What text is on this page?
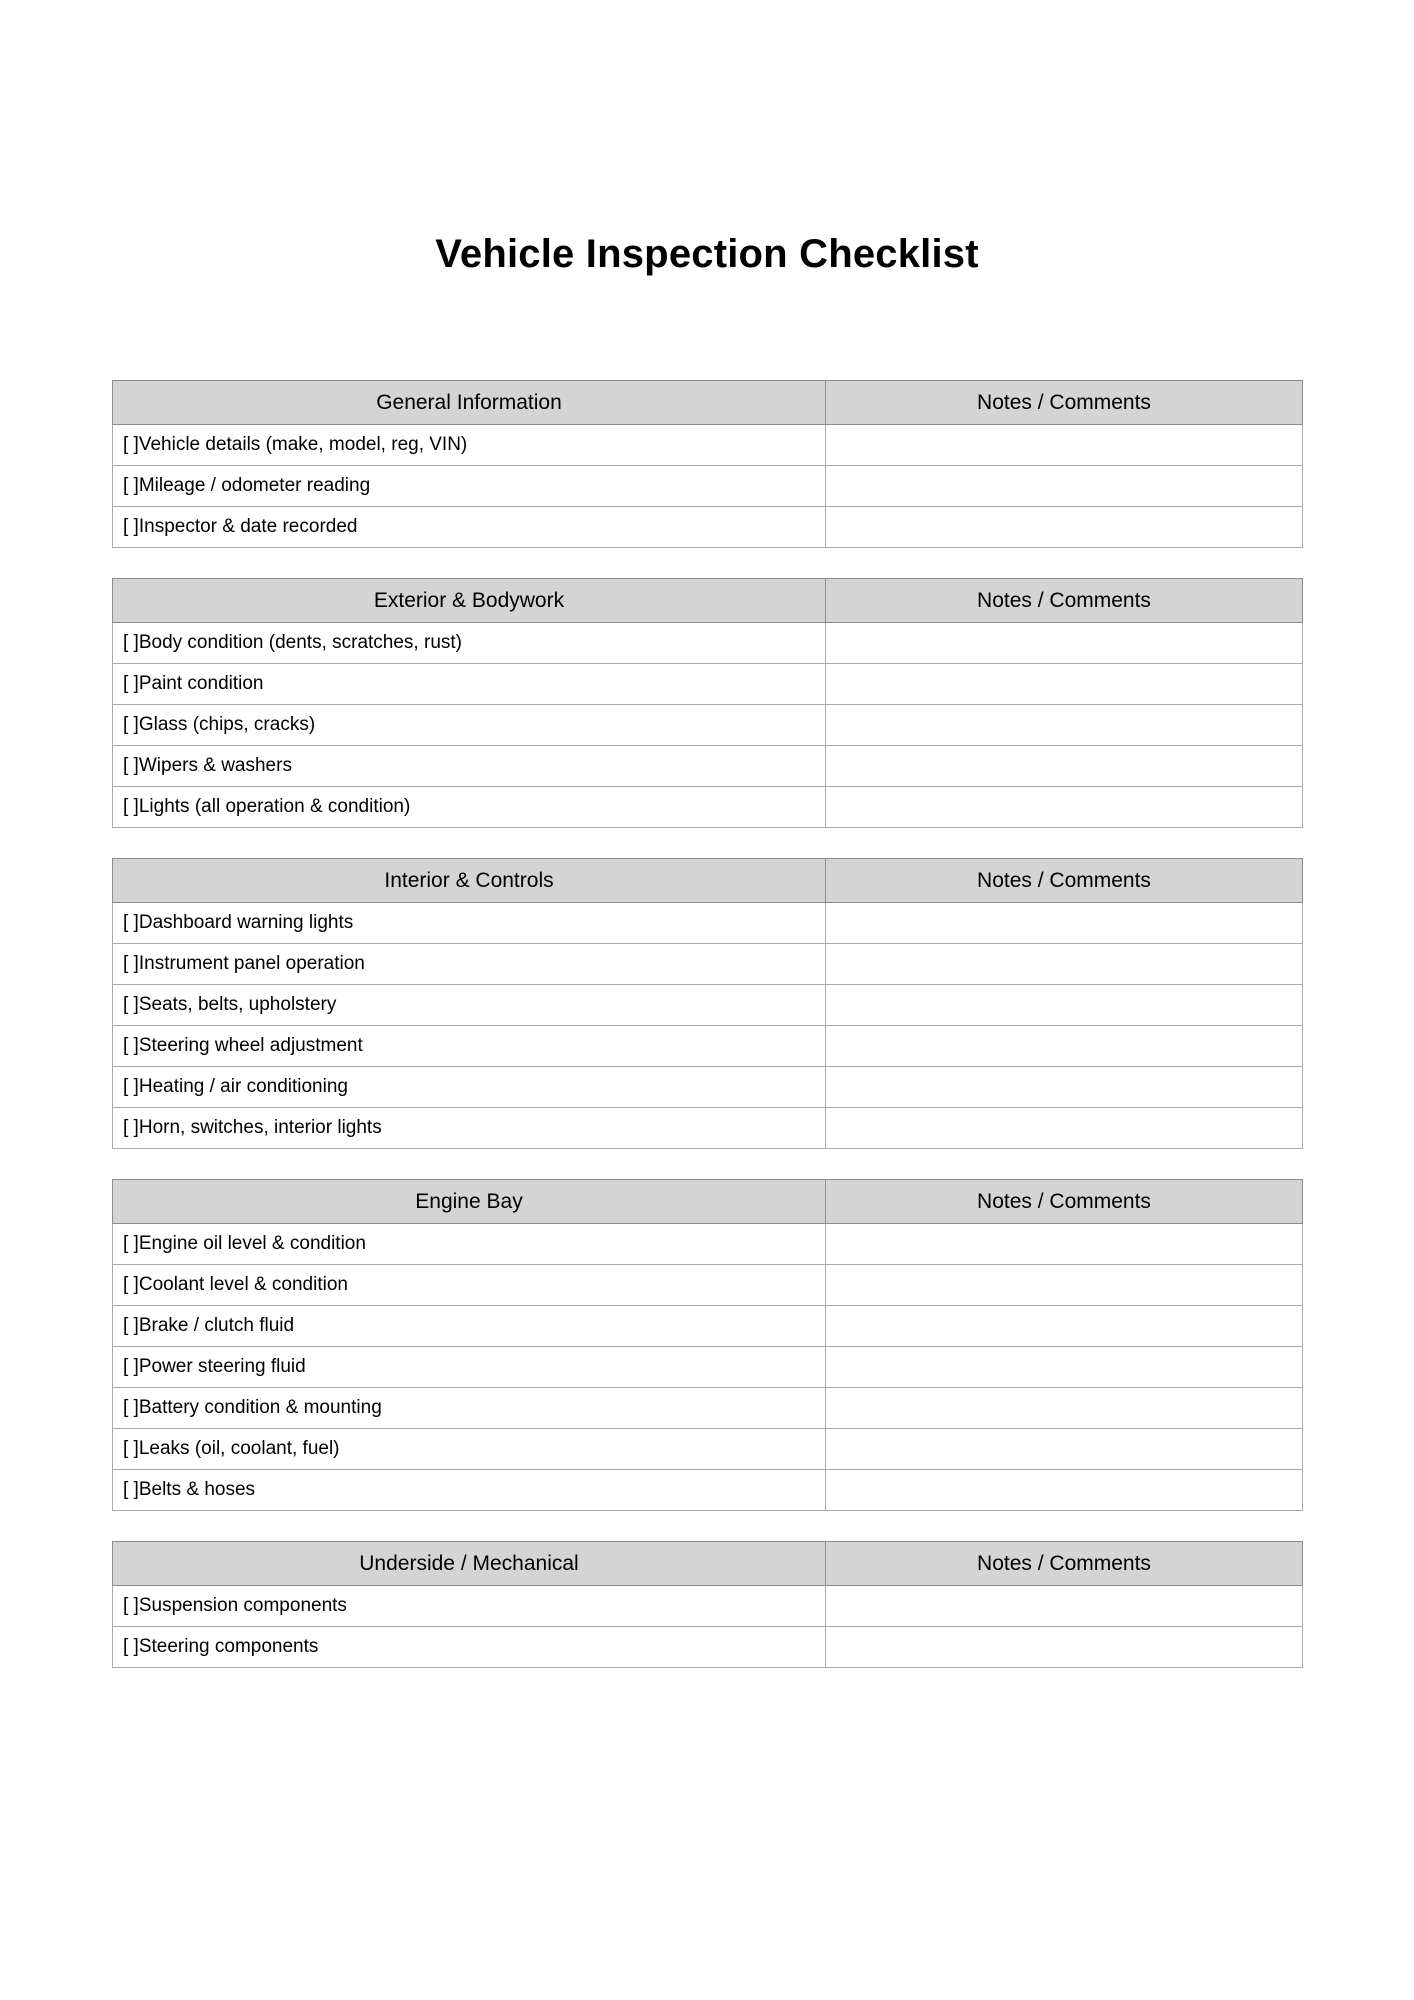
Vehicle Inspection Checklist
General Information	Notes / Comments

[ ]Vehicle details (make, model, reg, VIN)	

[ ]Mileage / odometer reading	

[ ]Inspector & date recorded	

Exterior & Bodywork	Notes / Comments

[ ]Body condition (dents, scratches, rust)	

[ ]Paint condition	

[ ]Glass (chips, cracks)	

[ ]Wipers & washers	

[ ]Lights (all operation & condition)	

Interior & Controls	Notes / Comments

[ ]Dashboard warning lights	

[ ]Instrument panel operation	

[ ]Seats, belts, upholstery	

[ ]Steering wheel adjustment	

[ ]Heating / air conditioning	

[ ]Horn, switches, interior lights	

Engine Bay	Notes / Comments

[ ]Engine oil level & condition	

[ ]Coolant level & condition	

[ ]Brake / clutch fluid	

[ ]Power steering fluid	

[ ]Battery condition & mounting	

[ ]Leaks (oil, coolant, fuel)	

[ ]Belts & hoses	

Underside / Mechanical	Notes / Comments

[ ]Suspension components	

[ ]Steering components	
